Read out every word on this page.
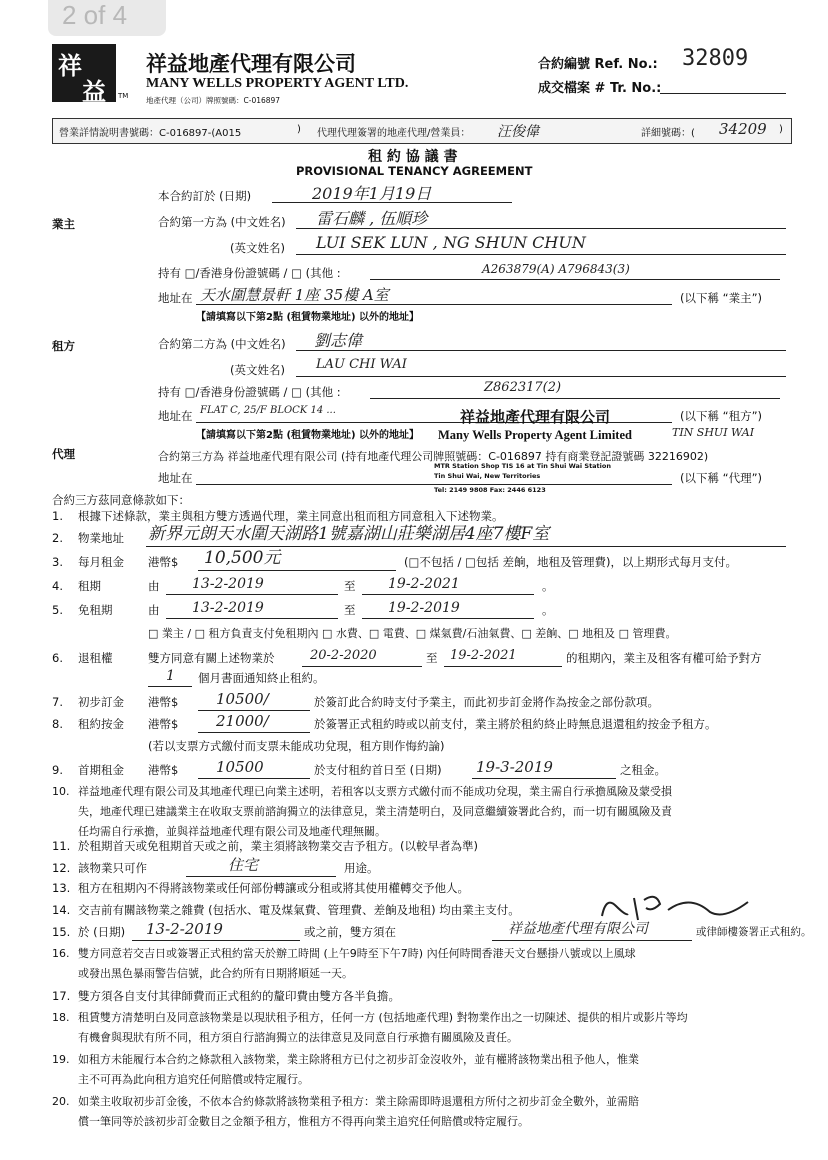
2 of 4
祥
益 TM
祥益地產代理有限公司
MANY WELLS PROPERTY AGENT LTD.
地產代理（公司）牌照號碼：C-016897
合約編號 Ref. No.: 32809
成交檔案 # Tr. No.:
營業詳情說明書號碼：C-016897-(A015	) 代理代理簽署的地產代理/營業員： 汪俊偉	詳細號碼：( 34209 )
租 約 協 議 書
PROVISIONAL TENANCY AGREEMENT
本合約訂於 (日期)	2019年1月19日
業主	合約第一方為 (中文姓名) 雷石麟 , 伍順珍
(英文姓名) LUI SEK LUN , NG SHUN CHUN
持有 □/香港身份證號碼 / □ (其他 :	A263879(A) A796843(3)
地址在 天水圍慧景軒 1座 35樓 A室	(以下稱 “業主”)
【請填寫以下第2點 (租賃物業地址) 以外的地址】
租方	合約第二方為 (中文姓名) 劉志偉
(英文姓名) LAU CHI WAI
持有 □/香港身份證號碼 / □ (其他 :	Z862317(2)
地址在 FLAT C, 25/F BLOCK 14 ...	(以下稱 “租方”)
【請填寫以下第2點 (租賃物業地址) 以外的地址】
祥益地產代理有限公司
Many Wells Property Agent Limited
MTR Station Shop TIS 16 at Tin Shui Wai Station
Tin Shui Wai, New Territories
Tel: 2149 9808 Fax: 2446 6123
TIN SHUI WAI
代理	合約第三方為 祥益地產代理有限公司 (持有地產代理公司牌照號碼：C-016897 持有商業登記證號碼 32216902)
地址在	(以下稱 “代理”)
合約三方茲同意條款如下：
1. 根據下述條款，業主與租方雙方透過代理，業主同意出租而租方同意租入下述物業。
2. 物業地址 新界元朗天水圍天湖路1號嘉湖山莊樂湖居4座7樓F室
3. 每月租金 港幣$ 10,500元	(□不包括 / □包括 差餉，地租及管理費)，以上期形式每月支付。
4. 租期	由 13-2-2019	至 19-2-2021	。
5. 免租期	由 13-2-2019	至 19-2-2019	。
□ 業主 / □ 租方負責支付免租期內 □ 水費、□ 電費、□ 煤氣費/石油氣費、□ 差餉、□ 地租及 □ 管理費。
6. 退租權	雙方同意有關上述物業於	20-2-2020	至 19-2-2021	的租期內，業主及租客有權可給予對方
1 個月書面通知終止租約。
7. 初步訂金 港幣$	10500/	於簽訂此合約時支付予業主，而此初步訂金將作為按金之部份款項。
8. 租約按金 港幣$	21000/	於簽署正式租約時或以前支付，業主將於租約終止時無息退還租約按金予租方。
(若以支票方式繳付而支票未能成功兌現，租方則作悔約論)
9. 首期租金 港幣$	10500	於支付租約首日至 (日期) 19-3-2019	之租金。
10. 祥益地產代理有限公司及其地產代理已向業主述明，若租客以支票方式繳付而不能成功兌現，業主需自行承擔風險及蒙受損
失，地產代理已建議業主在收取支票前諮詢獨立的法律意見，業主清楚明白，及同意繼續簽署此合約，而一切有關風險及責
任均需自行承擔，並與祥益地產代理有限公司及地產代理無關。
11. 於租期首天或免租期首天或之前，業主須將該物業交吉予租方。(以較早者為準)
12. 該物業只可作	住宅	用途。
13. 租方在租期內不得將該物業或任何部份轉讓或分租或將其使用權轉交予他人。
14. 交吉前有關該物業之雜費 (包括水、電及煤氣費、管理費、差餉及地租) 均由業主支付。
15. 於 (日期) 13-2-2019	或之前，雙方須在	祥益地產代理有限公司	或律師樓簽署正式租約。
16. 雙方同意若交吉日或簽署正式租約當天於辦工時間 (上午9時至下午7時) 內任何時間香港天文台懸掛八號或以上風球
或發出黑色暴雨警告信號，此合約所有日期將順延一天。
17. 雙方須各自支付其律師費而正式租約的釐印費由雙方各半負擔。
18. 租賃雙方清楚明白及同意該物業是以現狀租予租方，任何一方 (包括地產代理) 對物業作出之一切陳述、提供的相片或影片等均
有機會與現狀有所不同，租方須自行諮詢獨立的法律意見及同意自行承擔有關風險及責任。
19. 如租方未能履行本合約之條款租入該物業，業主除將租方已付之初步訂金沒收外，並有權將該物業出租予他人，惟業
主不可再為此向租方追究任何賠償或特定履行。
20. 如業主收取初步訂金後，不依本合約條款將該物業租予租方：業主除需即時退還租方所付之初步訂金全數外，並需賠
償一筆同等於該初步訂金數目之金額予租方，惟租方不得再向業主追究任何賠償或特定履行。
